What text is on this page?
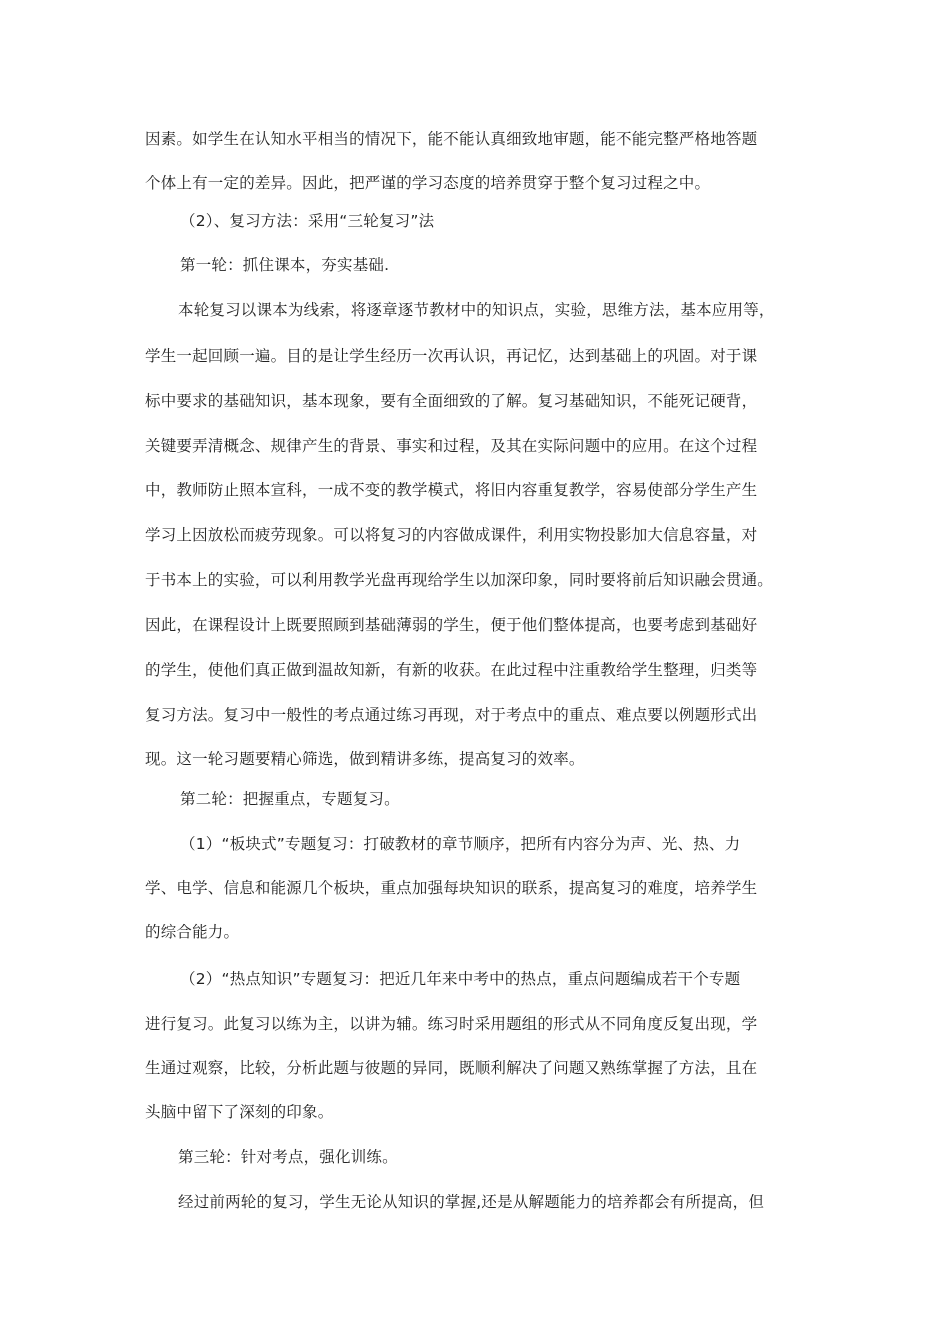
因素。如学生在认知水平相当的情况下，能不能认真细致地审题，能不能完整严格地答题
个体上有一定的差异。因此，把严谨的学习态度的培养贯穿于整个复习过程之中。
（2）、复习方法：采用“三轮复习”法
第一轮：抓住课本，夯实基础.
本轮复习以课本为线索，将逐章逐节教材中的知识点，实验，思维方法，基本应用等，
学生一起回顾一遍。目的是让学生经历一次再认识，再记忆，达到基础上的巩固。对于课
标中要求的基础知识，基本现象，要有全面细致的了解。复习基础知识，不能死记硬背，
关键要弄清概念、规律产生的背景、事实和过程，及其在实际问题中的应用。在这个过程
中，教师防止照本宣科，一成不变的教学模式，将旧内容重复教学，容易使部分学生产生
学习上因放松而疲劳现象。可以将复习的内容做成课件，利用实物投影加大信息容量，对
于书本上的实验，可以利用教学光盘再现给学生以加深印象，同时要将前后知识融会贯通。
因此，在课程设计上既要照顾到基础薄弱的学生，便于他们整体提高，也要考虑到基础好
的学生，使他们真正做到温故知新，有新的收获。在此过程中注重教给学生整理，归类等
复习方法。复习中一般性的考点通过练习再现，对于考点中的重点、难点要以例题形式出
现。这一轮习题要精心筛选，做到精讲多练，提高复习的效率。
第二轮：把握重点，专题复习。
（1）“板块式”专题复习：打破教材的章节顺序，把所有内容分为声、光、热、力
学、电学、信息和能源几个板块，重点加强每块知识的联系，提高复习的难度，培养学生
的综合能力。
（2）“热点知识”专题复习：把近几年来中考中的热点，重点问题编成若干个专题
进行复习。此复习以练为主，以讲为辅。练习时采用题组的形式从不同角度反复出现，学
生通过观察，比较，分析此题与彼题的异同，既顺利解决了问题又熟练掌握了方法，且在
头脑中留下了深刻的印象。
第三轮：针对考点，强化训练。
经过前两轮的复习，学生无论从知识的掌握,还是从解题能力的培养都会有所提高，但
